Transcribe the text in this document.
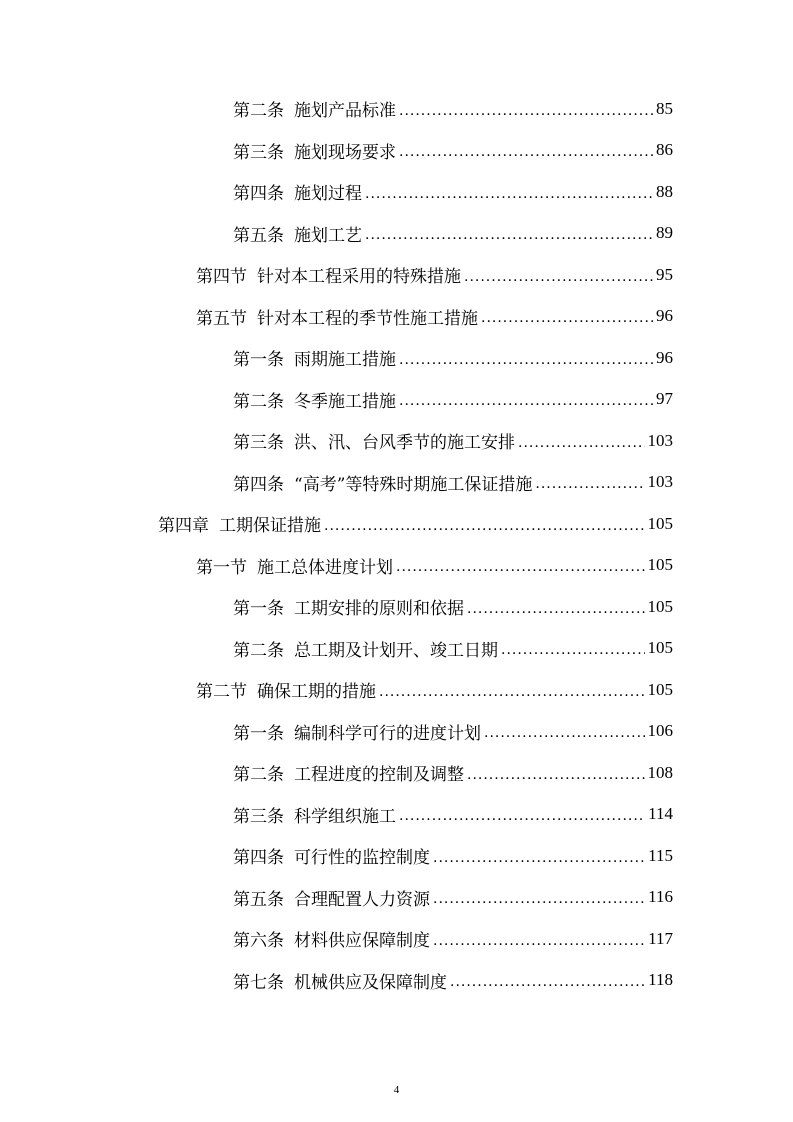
第二条 施划产品标准 .....	85
第三条 施划现场要求 .....	86
第四条 施划过程 .....	88
第五条 施划工艺 .....	89
第四节 针对本工程采用的特殊措施 .....	95
第五节 针对本工程的季节性施工措施 .....	96
第一条 雨期施工措施 .....	96
第二条 冬季施工措施 .....	97
第三条 洪、汛、台风季节的施工安排 .....	103
第四条 “高考”等特殊时期施工保证措施 .....	103
第四章 工期保证措施 .....	105
第一节 施工总体进度计划 .....	105
第一条 工期安排的原则和依据 .....	105
第二条 总工期及计划开、竣工日期 .....	105
第二节 确保工期的措施 .....	105
第一条 编制科学可行的进度计划 .....	106
第二条 工程进度的控制及调整 .....	108
第三条 科学组织施工 .....	114
第四条 可行性的监控制度 .....	115
第五条 合理配置人力资源 .....	116
第六条 材料供应保障制度 .....	117
第七条 机械供应及保障制度 .....	118
4
